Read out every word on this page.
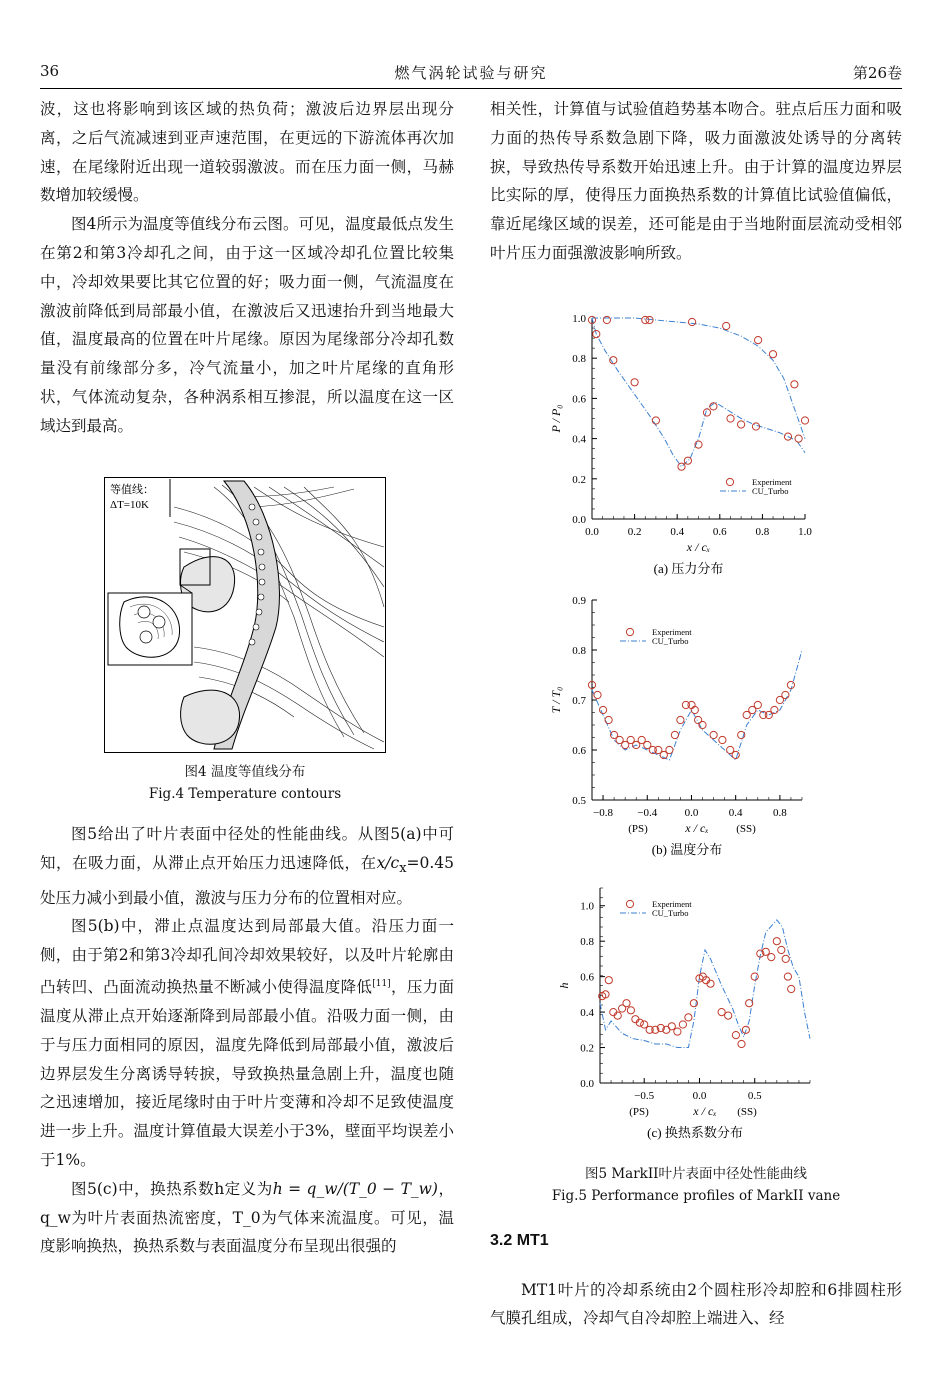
36	燃气涡轮试验与研究	第26卷

波，这也将影响到该区域的热负荷；激波后边界层出现分离，之后气流减速到亚声速范围，在更远的下游流体再次加速，在尾缘附近出现一道较弱激波。而在压力面一侧，马赫数增加较缓慢。

图4所示为温度等值线分布云图。可见，温度最低点发生在第2和第3冷却孔之间，由于这一区域冷却孔位置比较集中，冷却效果要比其它位置的好；吸力面一侧，气流温度在激波前降低到局部最小值，在激波后又迅速抬升到当地最大值，温度最高的位置在叶片尾缘。原因为尾缘部分冷却孔数量没有前缘部分多，冷气流量小，加之叶片尾缘的直角形状，气体流动复杂，各种涡系相互掺混，所以温度在这一区域达到最高。

等值线：
ΔT=10K
图4 温度等值线分布
Fig.4 Temperature contours

图5给出了叶片表面中径处的性能曲线。从图5(a)中可知，在吸力面，从滞止点开始压力迅速降低，在$x/c_x=0.45$处压力减小到最小值，激波与压力分布的位置相对应。

图5(b)中，滞止点温度达到局部最大值。沿压力面一侧，由于第2和第3冷却孔间冷却效果较好，以及叶片轮廓由凸转凹、凸面流动换热量不断减小使得温度降低[11]，压力面温度从滞止点开始逐渐降到局部最小值。沿吸力面一侧，由于与压力面相同的原因，温度先降低到局部最小值，激波后边界层发生分离诱导转捩，导致换热量急剧上升，温度也随之迅速增加，接近尾缘时由于叶片变薄和冷却不足致使温度进一步上升。温度计算值最大误差小于3%，壁面平均误差小于1%。

图5(c)中，换热系数h定义为h = q_w/(T_0 − T_w)，q_w为叶片表面热流密度，T_0为气体来流温度。可见，温度影响换热，换热系数与表面温度分布呈现出很强的

相关性，计算值与试验值趋势基本吻合。驻点后压力面和吸力面的热传导系数急剧下降，吸力面激波处诱导的分离转捩，导致热传导系数开始迅速上升。由于计算的温度边界层比实际的厚，使得压力面换热系数的计算值比试验值偏低，靠近尾缘区域的误差，还可能是由于当地附面层流动受相邻叶片压力面强激波影响所致。

0.0
0.2
0.4
0.6
0.8
1.0
0.0	0.2	0.4	0.6	0.8	1.0
P / P₀
x / cₓ
(a) 压力分布
Experiment
CU_Turbo
0.5
0.6
0.7
0.8
0.9
−0.8 −0.4 0.0	0.4	0.8
T / T₀
x / cₓ
(PS)	(SS)
(b) 温度分布
Experiment
CU_Turbo
0.0
0.2
0.4
0.6
0.8
1.0
−0.5	0.0	0.5
h
x / cₓ
(PS)	(SS)
(c) 换热系数分布
Experiment
CU_Turbo
图5 MarkII叶片表面中径处性能曲线
Fig.5 Performance profiles of MarkII vane
3.2 MT1

MT1叶片的冷却系统由2个圆柱形冷却腔和6排圆柱形气膜孔组成，冷却气自冷却腔上端进入、经
